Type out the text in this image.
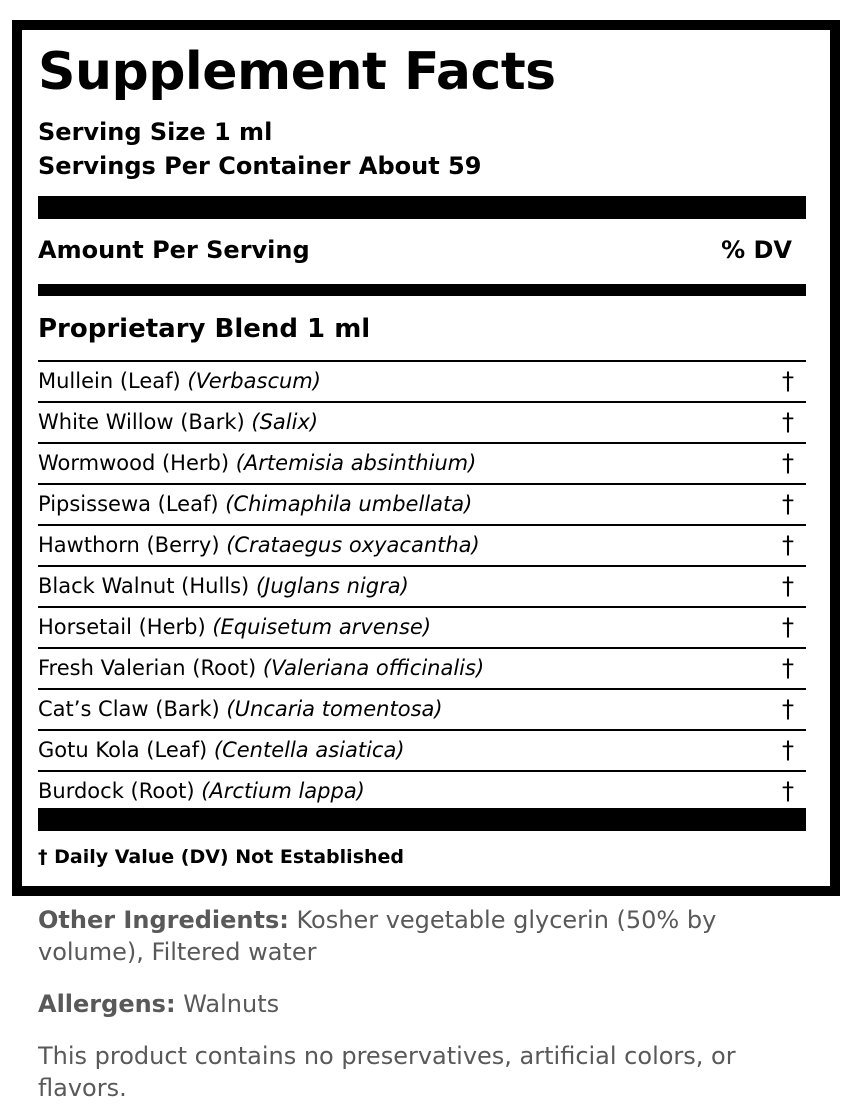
Supplement Facts
Serving Size 1 ml
Servings Per Container About 59
Amount Per Serving	% DV
Proprietary Blend 1 ml
Mullein (Leaf) (Verbascum)	†
White Willow (Bark) (Salix)	†
Wormwood (Herb) (Artemisia absinthium)	†
Pipsissewa (Leaf) (Chimaphila umbellata)	†
Hawthorn (Berry) (Crataegus oxyacantha)	†
Black Walnut (Hulls) (Juglans nigra)	†
Horsetail (Herb) (Equisetum arvense)	†
Fresh Valerian (Root) (Valeriana officinalis)	†
Cat’s Claw (Bark) (Uncaria tomentosa)	†
Gotu Kola (Leaf) (Centella asiatica)	†
Burdock (Root) (Arctium lappa)	†
† Daily Value (DV) Not Established
Other Ingredients: Kosher vegetable glycerin (50% by volume), Filtered water
Allergens: Walnuts
This product contains no preservatives, artificial colors, or flavors.
